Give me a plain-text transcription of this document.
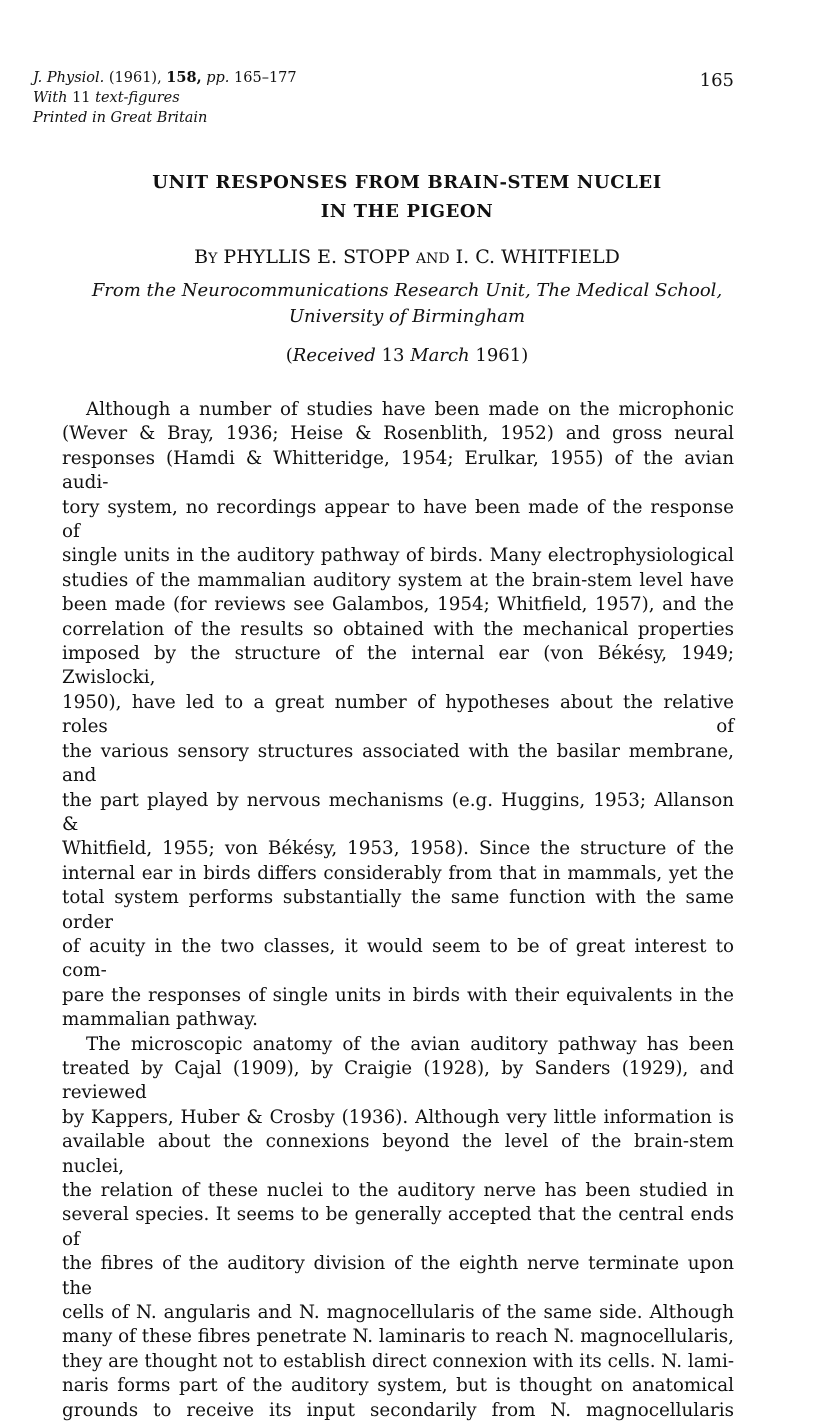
J. Physiol. (1961), 158, pp. 165–177
With 11 text-figures
Printed in Great Britain
165
UNIT RESPONSES FROM BRAIN-STEM NUCLEI
IN THE PIGEON
BY PHYLLIS E. STOPP AND I. C. WHITFIELD
From the Neurocommunications Research Unit, The Medical School,
University of Birmingham
(Received 13 March 1961)

Although a number of studies have been made on the microphonic

(Wever & Bray, 1936; Heise & Rosenblith, 1952) and gross neural

responses (Hamdi & Whitteridge, 1954; Erulkar, 1955) of the avian audi-

tory system, no recordings appear to have been made of the response of

single units in the auditory pathway of birds. Many electrophysiological

studies of the mammalian auditory system at the brain-stem level have

been made (for reviews see Galambos, 1954; Whitfield, 1957), and the

correlation of the results so obtained with the mechanical properties

imposed by the structure of the internal ear (von Békésy, 1949; Zwislocki,

1950), have led to a great number of hypotheses about the relative roles of

the various sensory structures associated with the basilar membrane, and

the part played by nervous mechanisms (e.g. Huggins, 1953; Allanson &

Whitfield, 1955; von Békésy, 1953, 1958). Since the structure of the

internal ear in birds differs considerably from that in mammals, yet the

total system performs substantially the same function with the same order

of acuity in the two classes, it would seem to be of great interest to com-

pare the responses of single units in birds with their equivalents in the

mammalian pathway.

The microscopic anatomy of the avian auditory pathway has been

treated by Cajal (1909), by Craigie (1928), by Sanders (1929), and reviewed

by Kappers, Huber & Crosby (1936). Although very little information is

available about the connexions beyond the level of the brain-stem nuclei,

the relation of these nuclei to the auditory nerve has been studied in

several species. It seems to be generally accepted that the central ends of

the fibres of the auditory division of the eighth nerve terminate upon the

cells of N. angularis and N. magnocellularis of the same side. Although

many of these fibres penetrate N. laminaris to reach N. magnocellularis,

they are thought not to establish direct connexion with its cells. N. lami-

naris forms part of the auditory system, but is thought on anatomical

grounds to receive its input secondarily from N. magnocellularis
